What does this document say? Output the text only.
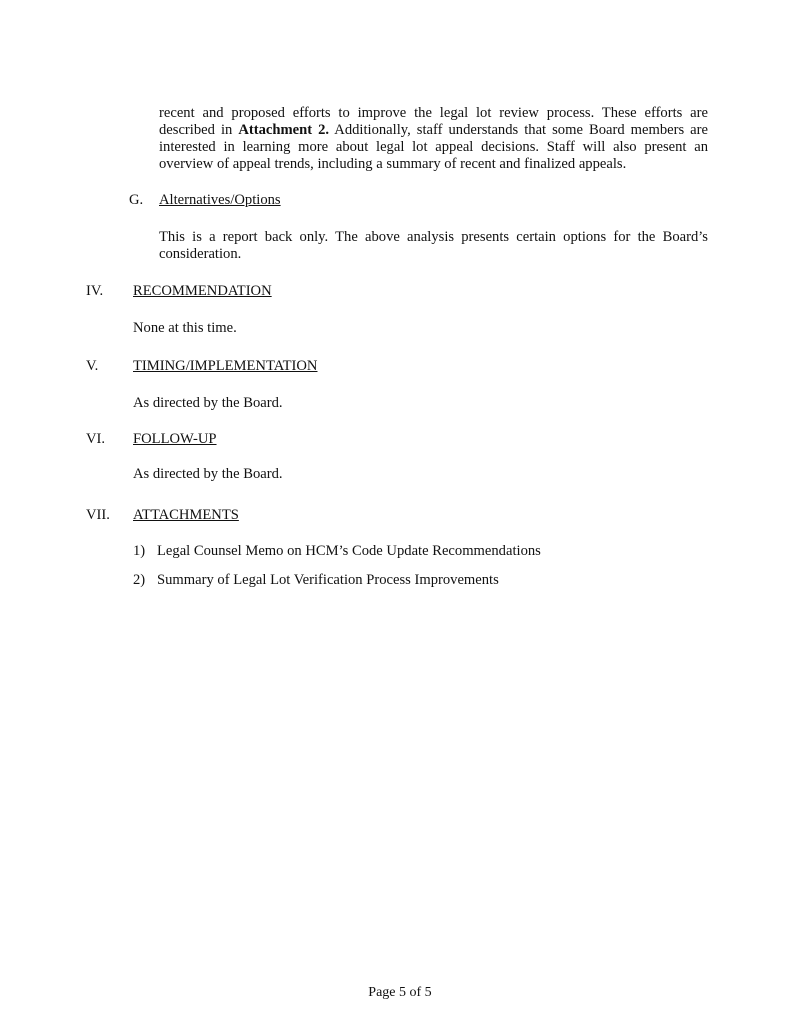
recent and proposed efforts to improve the legal lot review process. These efforts are described in Attachment 2. Additionally, staff understands that some Board members are interested in learning more about legal lot appeal decisions. Staff will also present an overview of appeal trends, including a summary of recent and finalized appeals.

G. Alternatives/Options

This is a report back only. The above analysis presents certain options for the Board’s consideration.

IV. RECOMMENDATION
None at this time.
V. TIMING/IMPLEMENTATION
As directed by the Board.
VI. FOLLOW-UP
As directed by the Board.
VII. ATTACHMENTS
1) Legal Counsel Memo on HCM’s Code Update Recommendations
2) Summary of Legal Lot Verification Process Improvements
Page 5 of 5
